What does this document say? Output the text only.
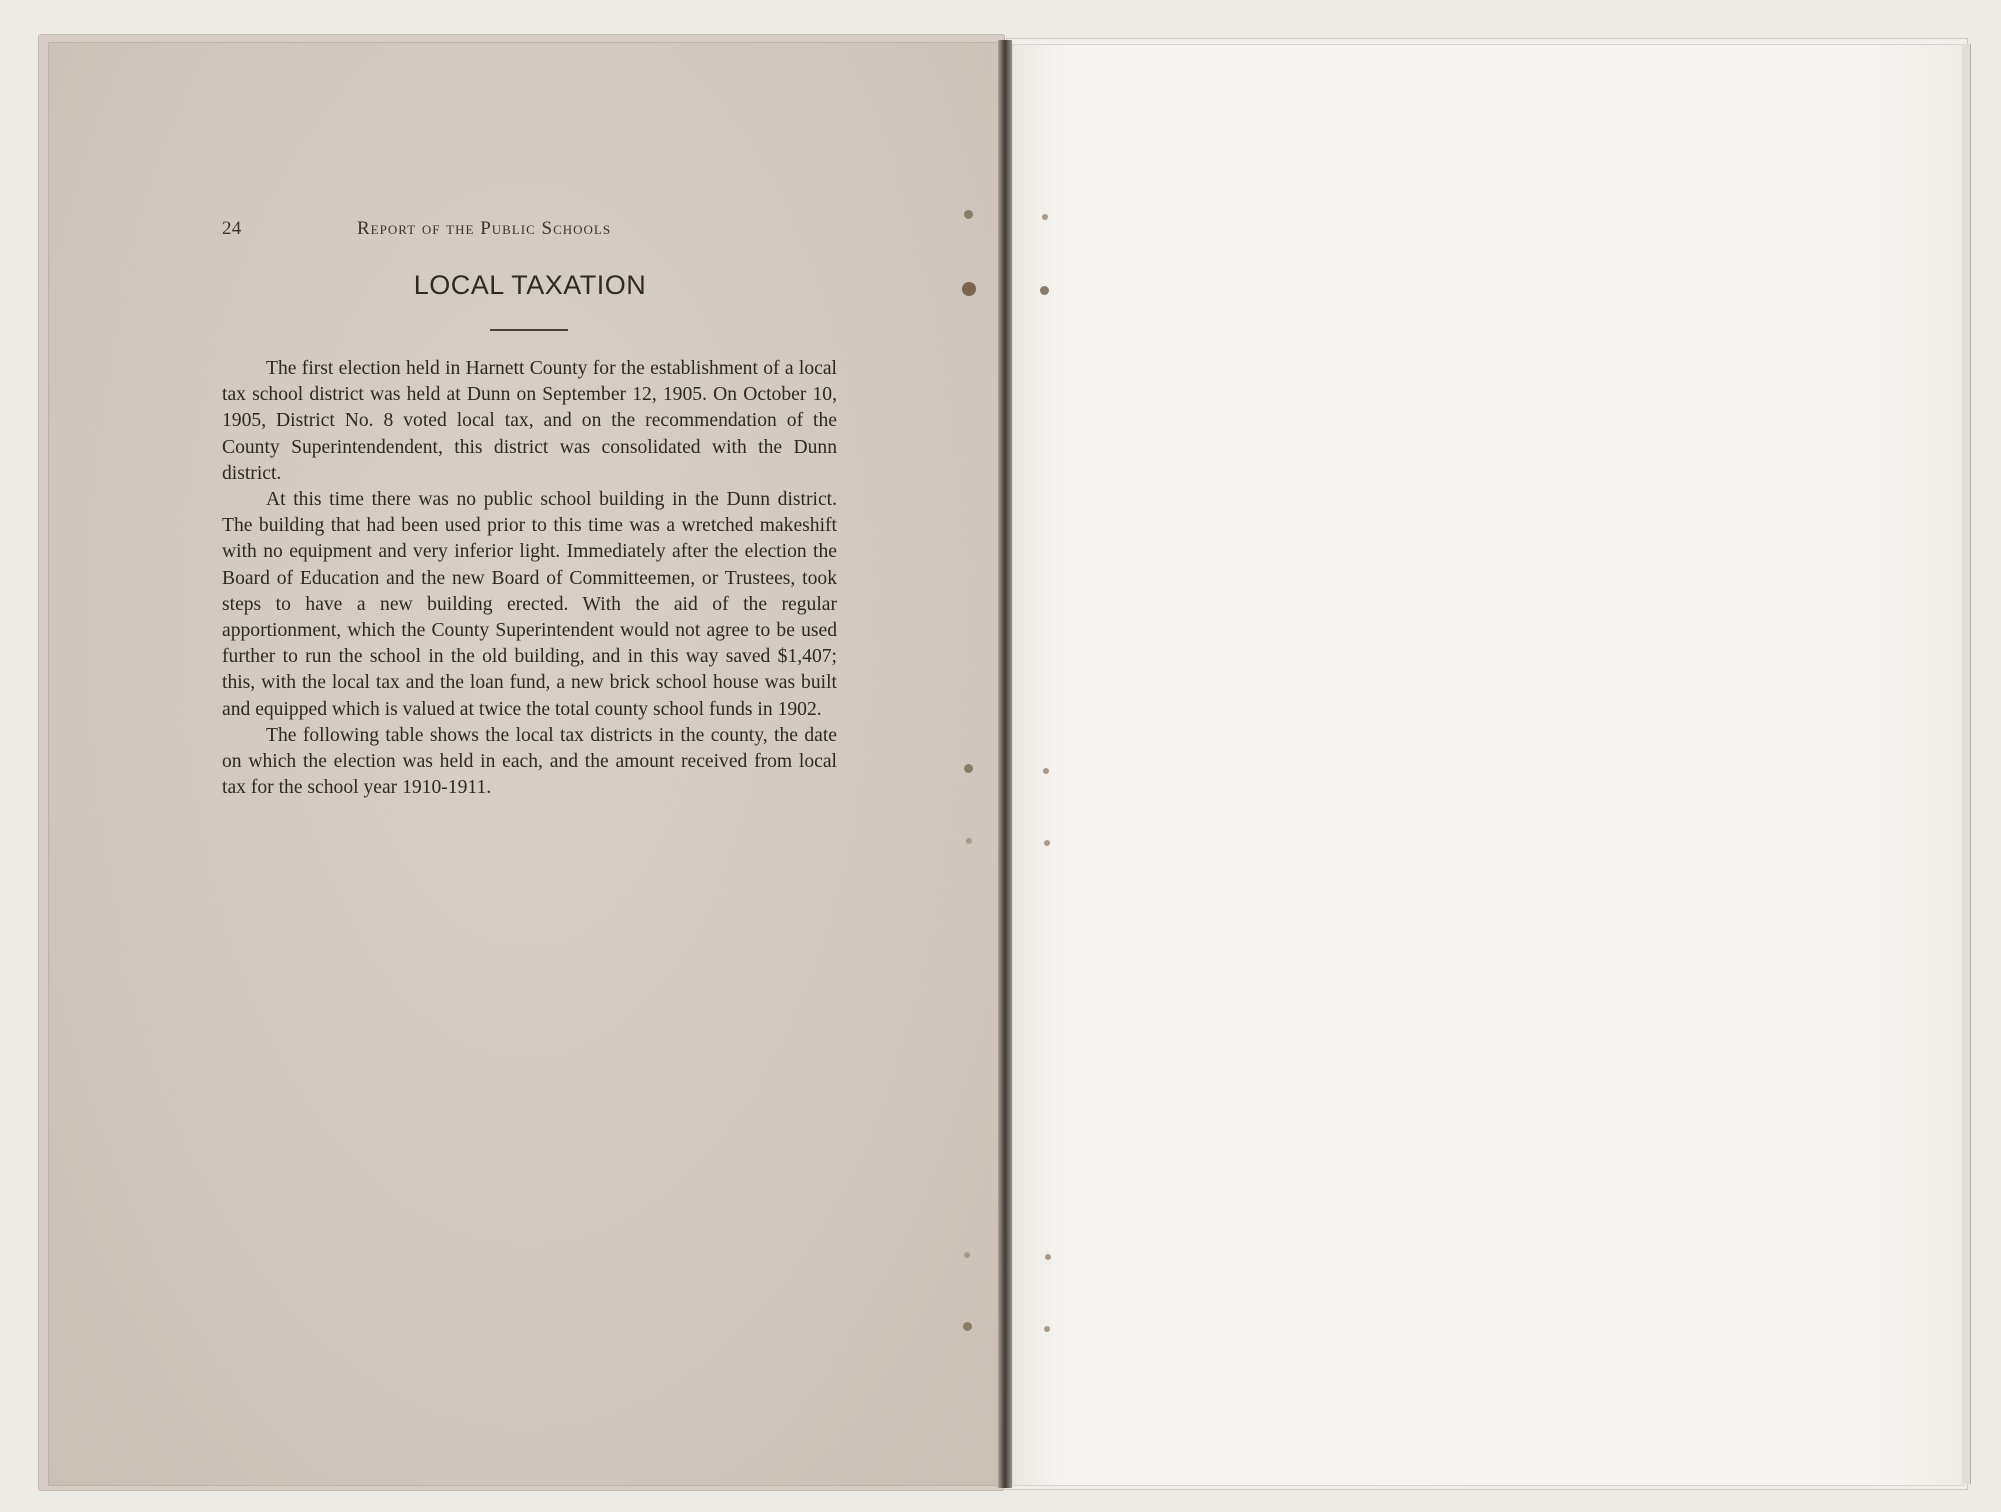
24	Report of the Public Schools
LOCAL TAXATION

The first election held in Harnett County for the establishment of a local tax school district was held at Dunn on September 12, 1905. On October 10, 1905, District No. 8 voted local tax, and on the recommendation of the County Superintendendent, this district was consolidated with the Dunn district.

At this time there was no public school building in the Dunn district. The building that had been used prior to this time was a wretched makeshift with no equipment and very inferior light. Immediately after the election the Board of Education and the new Board of Committeemen, or Trustees, took steps to have a new building erected. With the aid of the regular apportionment, which the County Superintendent would not agree to be used further to run the school in the old building, and in this way saved $1,407; this, with the local tax and the loan fund, a new brick school house was built and equipped which is valued at twice the total county school funds in 1902.

The following table shows the local tax districts in the county, the date on which the election was held in each, and the amount received from local tax for the school year 1910-1911.
